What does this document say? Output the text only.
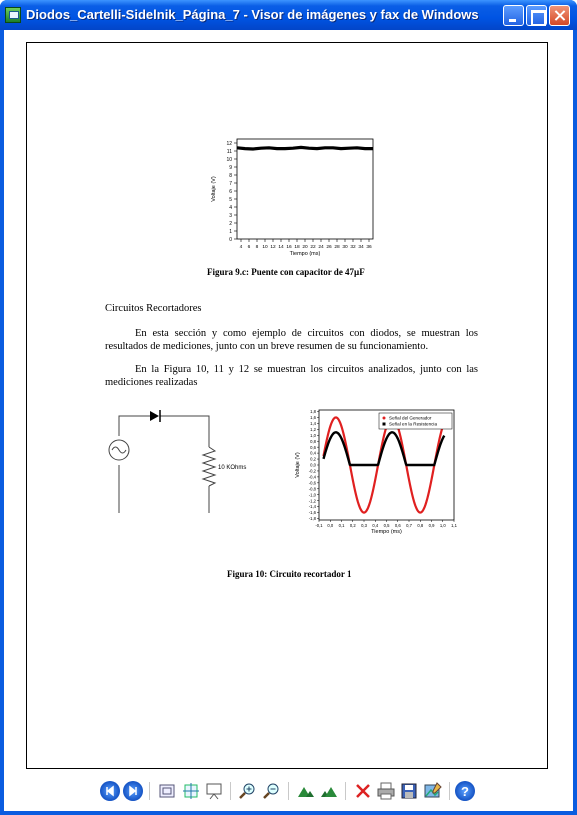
Diodos_Cartelli-Sidelnik_Página_7 - Visor de imágenes y fax de Windows
0
1
2
3
4
5
6
7
8
9
10
11
12
4 6 8 10 12 14 16 18 20 22 24 26 28 30 32 34 36
Tiempo (ms)
Voltaje (V)
Figura 9.c: Puente con capacitor de 47µF
Circuitos Recortadores
En esta sección y como ejemplo de circuitos con diodos, se muestran los resultados de mediciones, junto con un breve resumen de su funcionamiento.
En la Figura 10, 11 y 12 se muestran los circuitos analizados, junto con las mediciones realizadas
10 KOhms
1,8
1,6
1,4
1,2
1,0
0,8
0,6
0,4
0,2
0,0
-0,2
-0,4
-0,6
-0,8
-1,0
-1,2
-1,4
-1,6
-1,8
-0,1 0,0 0,1 0,2 0,3 0,4 0,5 0,6 0,7 0,8 0,9 1,0 1,1
Tiempo (ms)
Voltaje (V)
Señal del Generador
Señal en la Resistencia
Figura 10: Circuito recortador 1
?
